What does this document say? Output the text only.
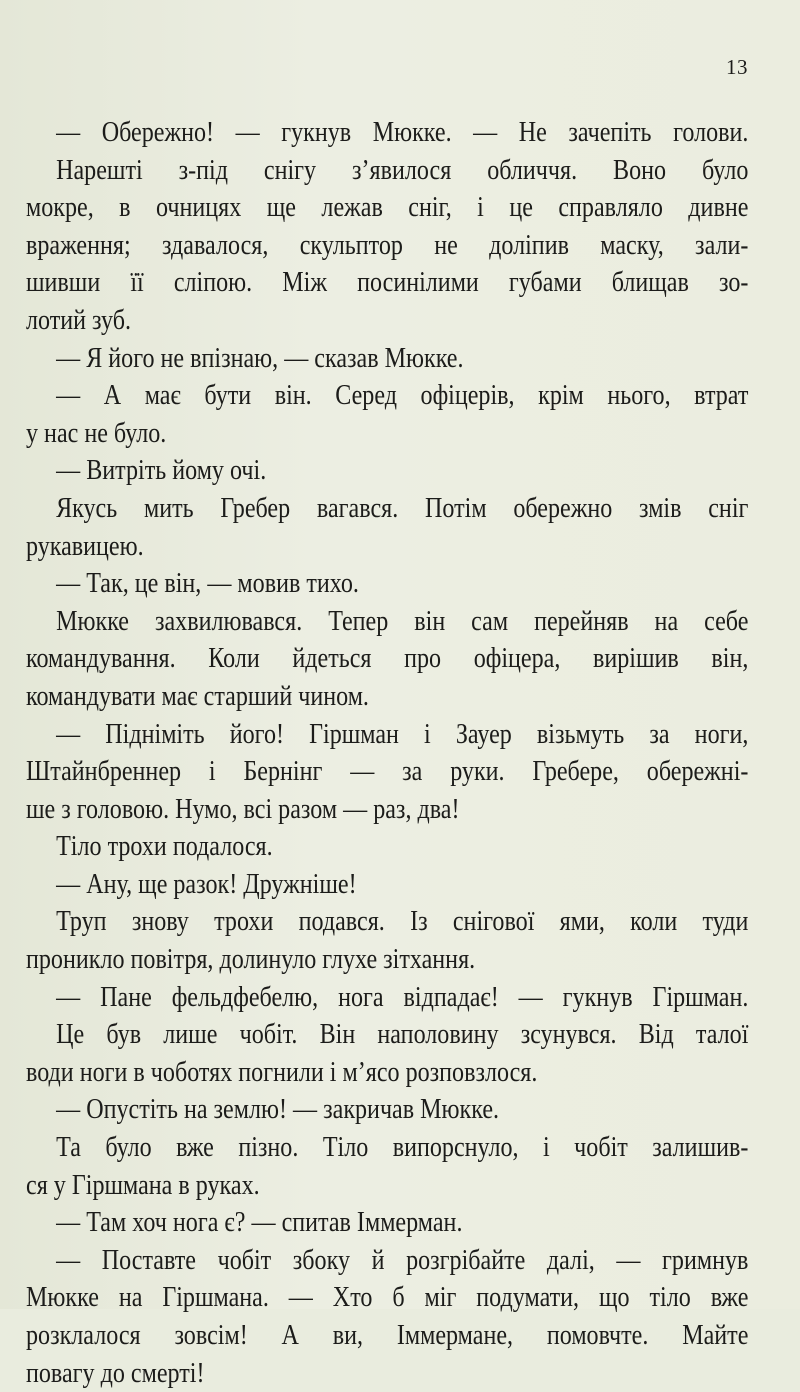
13
— Обережно! — гукнув Мюкке. — Не зачепіть голови.
Нарешті з-під снігу з’явилося обличчя. Воно було
мокре, в очницях ще лежав сніг, і це справляло дивне
враження; здавалося, скульптор не доліпив маску, зали-
шивши її сліпою. Між посинілими губами блищав зо-
лотий зуб.
— Я його не впізнаю, — сказав Мюкке.
— А має бути він. Серед офіцерів, крім нього, втрат
у нас не було.
— Витріть йому очі.
Якусь мить Гребер вагався. Потім обережно змів сніг
рукавицею.
— Так, це він, — мовив тихо.
Мюкке захвилювався. Тепер він сам перейняв на себе
командування. Коли йдеться про офіцера, вирішив він,
командувати має старший чином.
— Підніміть його! Гіршман і Зауер візьмуть за ноги,
Штайнбреннер і Бернінг — за руки. Гребере, обережні-
ше з головою. Нумо, всі разом — раз, два!
Тіло трохи подалося.
— Ану, ще разок! Дружніше!
Труп знову трохи подався. Із снігової ями, коли туди
проникло повітря, долинуло глухе зітхання.
— Пане фельдфебелю, нога відпадає! — гукнув Гіршман.
Це був лише чобіт. Він наполовину зсунувся. Від талої
води ноги в чоботях погнили і м’ясо розповзлося.
— Опустіть на землю! — закричав Мюкке.
Та було вже пізно. Тіло випорснуло, і чобіт залишив-
ся у Гіршмана в руках.
— Там хоч нога є? — спитав Іммерман.
— Поставте чобіт збоку й розгрібайте далі, — гримнув
Мюкке на Гіршмана. — Хто б міг подумати, що тіло вже
розклалося зовсім! А ви, Іммермане, помовчте. Майте
повагу до смерті!
